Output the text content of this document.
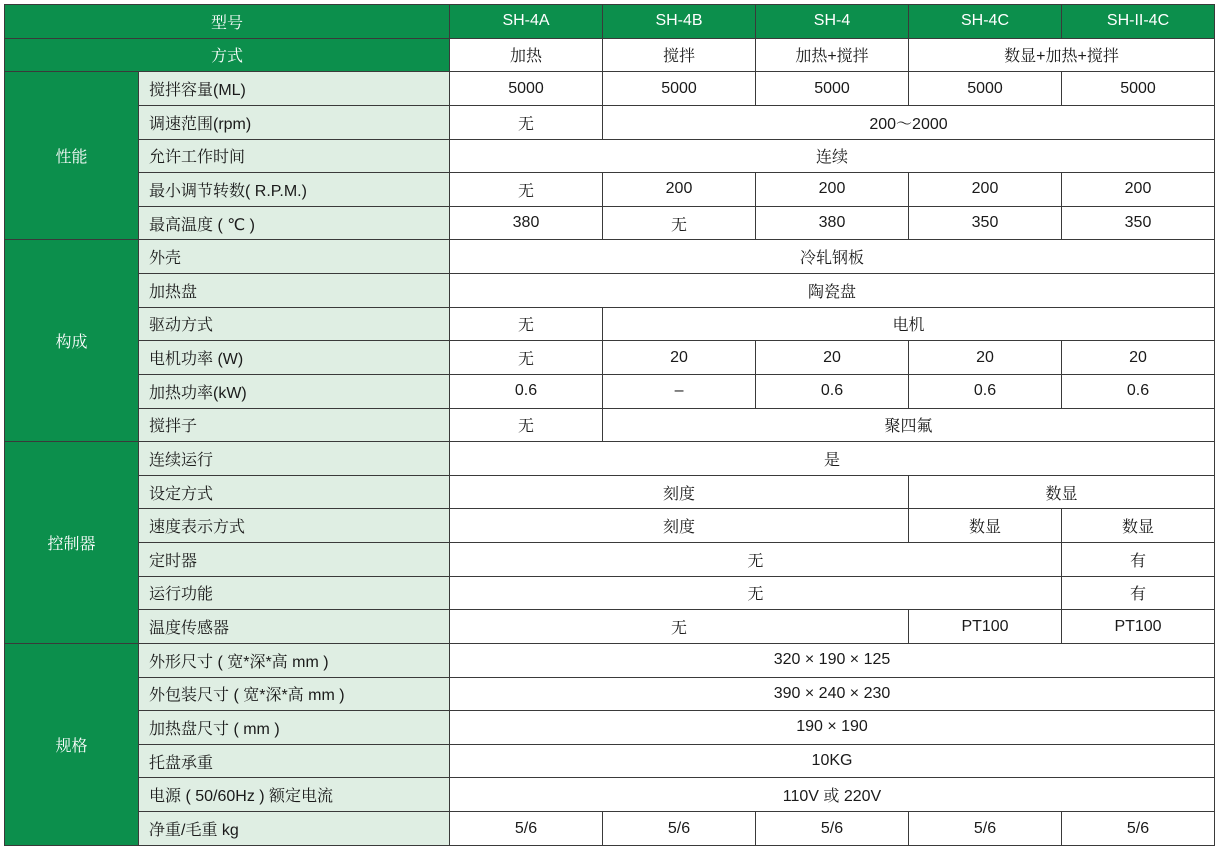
型号		SH-4A	SH-4B	SH-4	SH-4C	SH-II-4C
方式		加热	搅拌	加热+搅拌	数显+加热+搅拌	
性能	搅拌容量(ML)	5000	5000	5000	5000	5000
	调速范围(rpm)	无	200～2000			
	允许工作时间	连续				
	最小调节转数( R.P.M.)	无	200	200	200	200
	最高温度 ( ℃ )	380	无	380	350	350
构成	外壳	冷轧钢板				
	加热盘	陶瓷盘				
	驱动方式	无	电机			
	电机功率 (W)	无	20	20	20	20
	加热功率(kW)	0.6	–	0.6	0.6	0.6
	搅拌子	无	聚四氟			
控制器	连续运行	是				
	设定方式	刻度			数显	
	速度表示方式	刻度			数显	数显
	定时器	无				有
	运行功能	无				有
	温度传感器	无			PT100	PT100
规格	外形尺寸 ( 宽*深*高 mm )	320 × 190 × 125				
	外包装尺寸 ( 宽*深*高 mm )	390 × 240 × 230				
	加热盘尺寸 ( mm )	190 × 190				
	托盘承重	10KG				
	电源 ( 50/60Hz ) 额定电流	110V 或 220V				
	净重/毛重 kg	5/6	5/6	5/6	5/6	5/6
